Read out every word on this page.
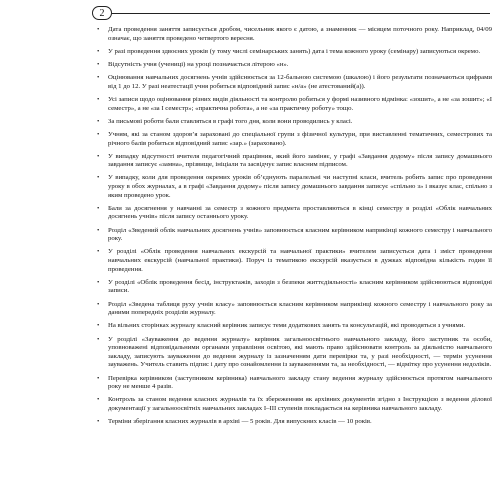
2
• Дата проведення заняття записується дробом, чисельник якого є датою, а знаменник — місяцем поточного року. Наприклад, 04/09 означає, що заняття проведено четвертого вересня.
• У разі проведення здвоєних уроків (у тому числі семінарських занять) дата і тема кожного уроку (семінару) записуються окремо.
• Відсутність учня (учениці) на уроці позначається літерою «н».
• Оцінювання навчальних досягнень учнів здійснюється за 12-бальною системою (шкалою) і його результати позначаються цифрами від 1 до 12. У разі неатестації учня робиться відповідний запис «н/а» (не атестований(а)).
• Усі записи щодо оцінювання різних видів діяльності та контролю робиться у формі називного відмінка: «зошит», а не «за зошит»; «І семестр», а не «за І семестр»; «практична робота», а не «за практичну роботу» тощо.
• За письмові роботи бали ставляться в графі того дня, коли вони проводились у класі.
• Учням, які за станом здоров’я зараховані до спеціальної групи з фізичної культури, при виставленні тематичних, семестрових та річного балів робиться відповідний запис «зар.» (зараховано).
• У випадку відсутності вчителя педагогічний працівник, який його заміняє, у графі «Завдання додому» після запису домашнього завдання записує «замна», прізвище, ініціали та засвідчує запис власним підписом.
• У випадку, коли для проведення окремих уроків об’єднують паралельні чи наступні класи, вчитель робить запис про проведення уроку в обох журналах, а в графі «Завдання додому» після запису домашнього завдання записує «спільно з» і вказує клас, спільно з яким проведено урок.
• Бали за досягнення у навчанні за семестр з кожного предмета проставляються в кінці семестру в розділі «Облік навчальних досягнень учнів» після запису останнього уроку.
• Розділ «Зведений облік навчальних досягнень учнів» заповнюється класним керівником наприкінці кожного семестру і навчального року.
• У розділі «Облік проведення навчальних екскурсій та навчальної практики» вчителем записується дата і зміст проведення навчальних екскурсій (навчальної практики). Поруч із тематикою екскурсій вказується в дужках відповідна кількість годин її проведення.
• У розділі «Облік проведення бесід, інструктажів, заходів з безпеки життєдіяльності» класним керівником здійснюються відповідні записи.
• Розділ «Зведена таблиця руху учнів класу» заповнюється класним керівником наприкінці кожного семестру і навчального року за даними попередніх розділів журналу.
• На вільних сторінках журналу класний керівник записує теми додаткових занять та консультацій, які проводяться з учнями.
• У розділі «Зауваження до ведення журналу» керівник загальноосвітнього навчального закладу, його заступник та особи, уповноважені відповідальними органами управління освітою, які мають право здійснювати контроль за діяльністю навчального закладу, записують зауваження до ведення журналу із зазначенням дати перевірки та, у разі необхідності, — термін усунення зауважень. Учитель ставить підпис і дату про ознайомлення із зауваженнями та, за необхідності, — відмітку про усунення недоліків.
• Перевірка керівником (заступником керівника) навчального закладу стану ведення журналу здійснюється протягом навчального року не менше 4 разів.
• Контроль за станом ведення класних журналів та їх збереженням як архівних документів згідно з Інструкцією з ведення ділової документації у загальноосвітніх навчальних закладах I–III ступенів покладається на керівника навчального закладу.
• Терміни зберігання класних журналів в архіві — 5 років. Для випускних класів — 10 років.
